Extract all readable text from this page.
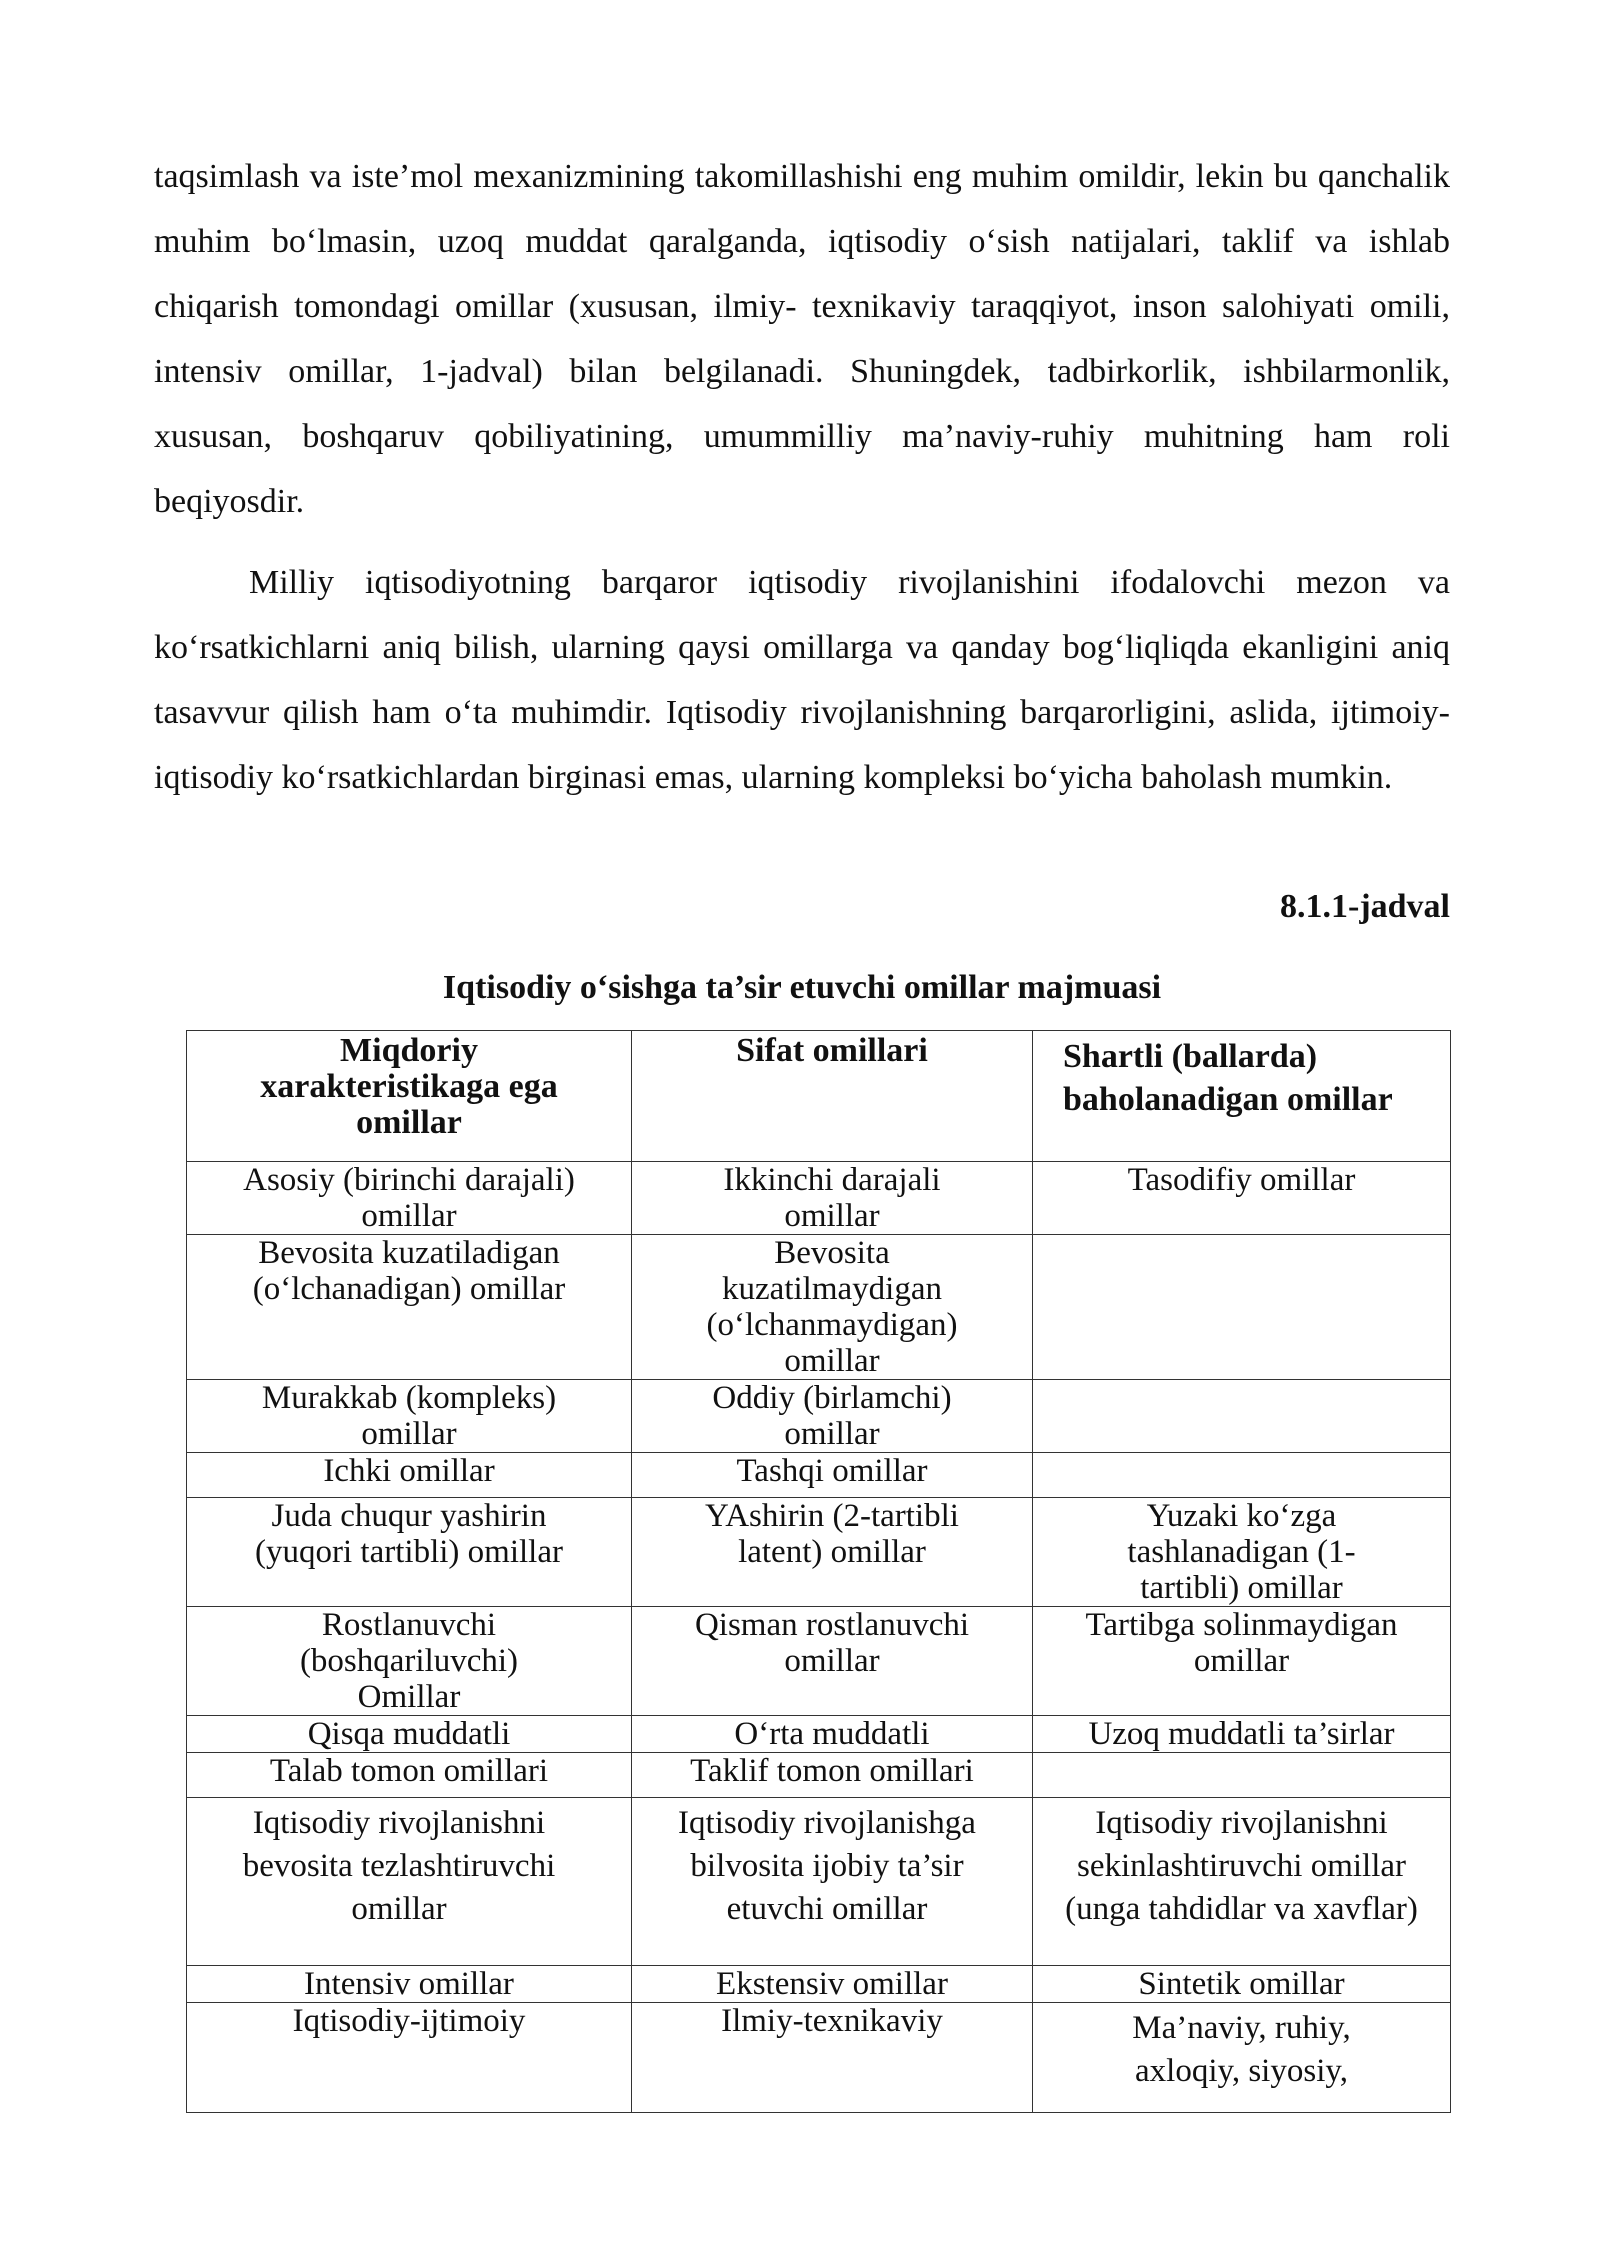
taqsimlash va iste’mol mexanizmining takomillashishi eng muhim omildir, lekin bu qanchalik muhim bo‘lmasin, uzoq muddat qaralganda, iqtisodiy o‘sish natijalari, taklif va ishlab chiqarish tomondagi omillar (xususan, ilmiy- texnikaviy taraqqiyot, inson salohiyati omili, intensiv omillar, 1-jadval) bilan belgilanadi. Shuningdek, tadbirkorlik, ishbilarmonlik, xususan, boshqaruv qobiliyatining, umummilliy ma’naviy-ruhiy muhitning ham roli beqiyosdir.

Milliy iqtisodiyotning barqaror iqtisodiy rivojlanishini ifodalovchi mezon va ko‘rsatkichlarni aniq bilish, ularning qaysi omillarga va qanday bog‘liqliqda ekanligini aniq tasavvur qilish ham o‘ta muhimdir. Iqtisodiy rivojlanishning barqarorligini, aslida, ijtimoiy-iqtisodiy ko‘rsatkichlardan birginasi emas, ularning kompleksi bo‘yicha baholash mumkin.

8.1.1-jadval
Iqtisodiy o‘sishga ta’sir etuvchi omillar majmuasi
Miqdoriy xarakteristikaga ega omillar	Sifat omillari	Shartli (ballarda) baholanadigan omillar
Asosiy (birinchi darajali) omillar	Ikkinchi darajali omillar	Tasodifiy omillar
Bevosita kuzatiladigan (o‘lchanadigan) omillar	Bevosita kuzatilmaydigan (o‘lchanmaydigan) omillar	
Murakkab (kompleks) omillar	Oddiy (birlamchi) omillar	
Ichki omillar	Tashqi omillar	
Juda chuqur yashirin (yuqori tartibli) omillar	YAshirin (2-tartibli latent) omillar	Yuzaki ko‘zga tashlanadigan (1-tartibli) omillar
Rostlanuvchi (boshqariluvchi) Omillar	Qisman rostlanuvchi omillar	Tartibga solinmaydigan omillar
Qisqa muddatli	O‘rta muddatli	Uzoq muddatli ta’sirlar
Talab tomon omillari	Taklif tomon omillari	
Iqtisodiy rivojlanishni bevosita tezlashtiruvchi omillar	Iqtisodiy rivojlanishga bilvosita ijobiy ta’sir etuvchi omillar	Iqtisodiy rivojlanishni sekinlashtiruvchi omillar (unga tahdidlar va xavflar)
Intensiv omillar	Ekstensiv omillar	Sintetik omillar
Iqtisodiy-ijtimoiy	Ilmiy-texnikaviy	Ma’naviy, ruhiy, axloqiy, siyosiy,
